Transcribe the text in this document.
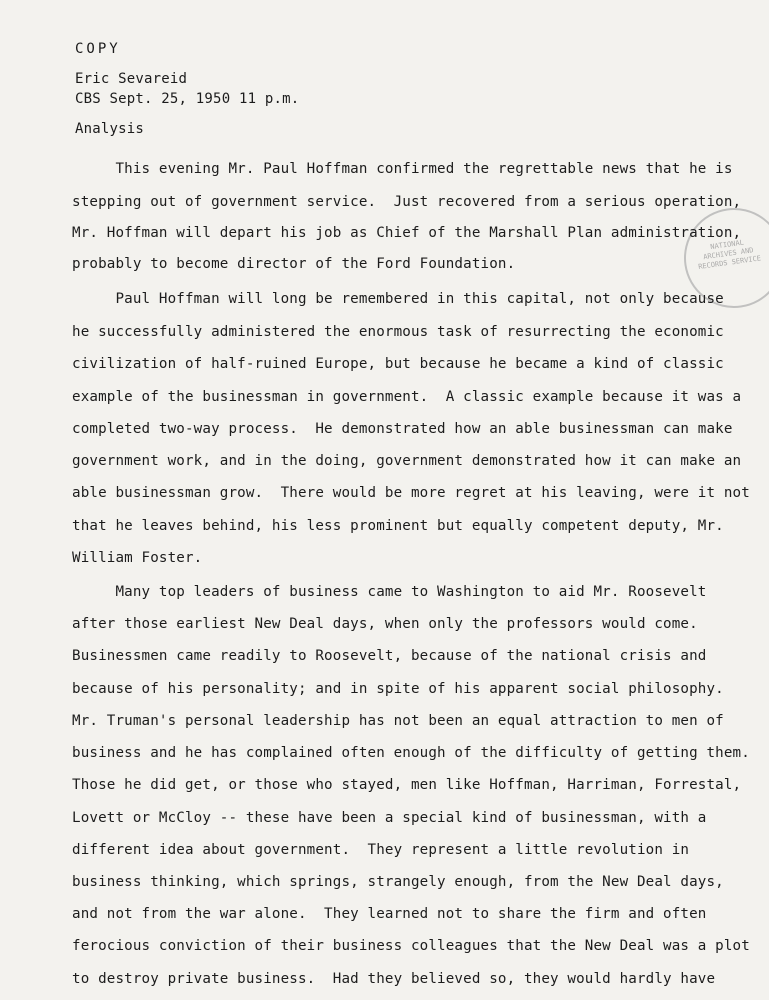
COPY
Eric Sevareid
CBS Sept. 25, 1950 11 p.m.
Analysis
NATIONAL ARCHIVES AND RECORDS SERVICE
This evening Mr. Paul Hoffman confirmed the regrettable news that he is
stepping out of government service.  Just recovered from a serious operation,
Mr. Hoffman will depart his job as Chief of the Marshall Plan administration,
probably to become director of the Ford Foundation.
Paul Hoffman will long be remembered in this capital, not only because
he successfully administered the enormous task of resurrecting the economic
civilization of half-ruined Europe, but because he became a kind of classic
example of the businessman in government.  A classic example because it was a
completed two-way process.  He demonstrated how an able businessman can make
government work, and in the doing, government demonstrated how it can make an
able businessman grow.  There would be more regret at his leaving, were it not
that he leaves behind, his less prominent but equally competent deputy, Mr.
William Foster.
Many top leaders of business came to Washington to aid Mr. Roosevelt
after those earliest New Deal days, when only the professors would come.
Businessmen came readily to Roosevelt, because of the national crisis and
because of his personality; and in spite of his apparent social philosophy.
Mr. Truman's personal leadership has not been an equal attraction to men of
business and he has complained often enough of the difficulty of getting them.
Those he did get, or those who stayed, men like Hoffman, Harriman, Forrestal,
Lovett or McCloy -- these have been a special kind of businessman, with a
different idea about government.  They represent a little revolution in
business thinking, which springs, strangely enough, from the New Deal days,
and not from the war alone.  They learned not to share the firm and often
ferocious conviction of their business colleagues that the New Deal was a plot
to destroy private business.  Had they believed so, they would hardly have
